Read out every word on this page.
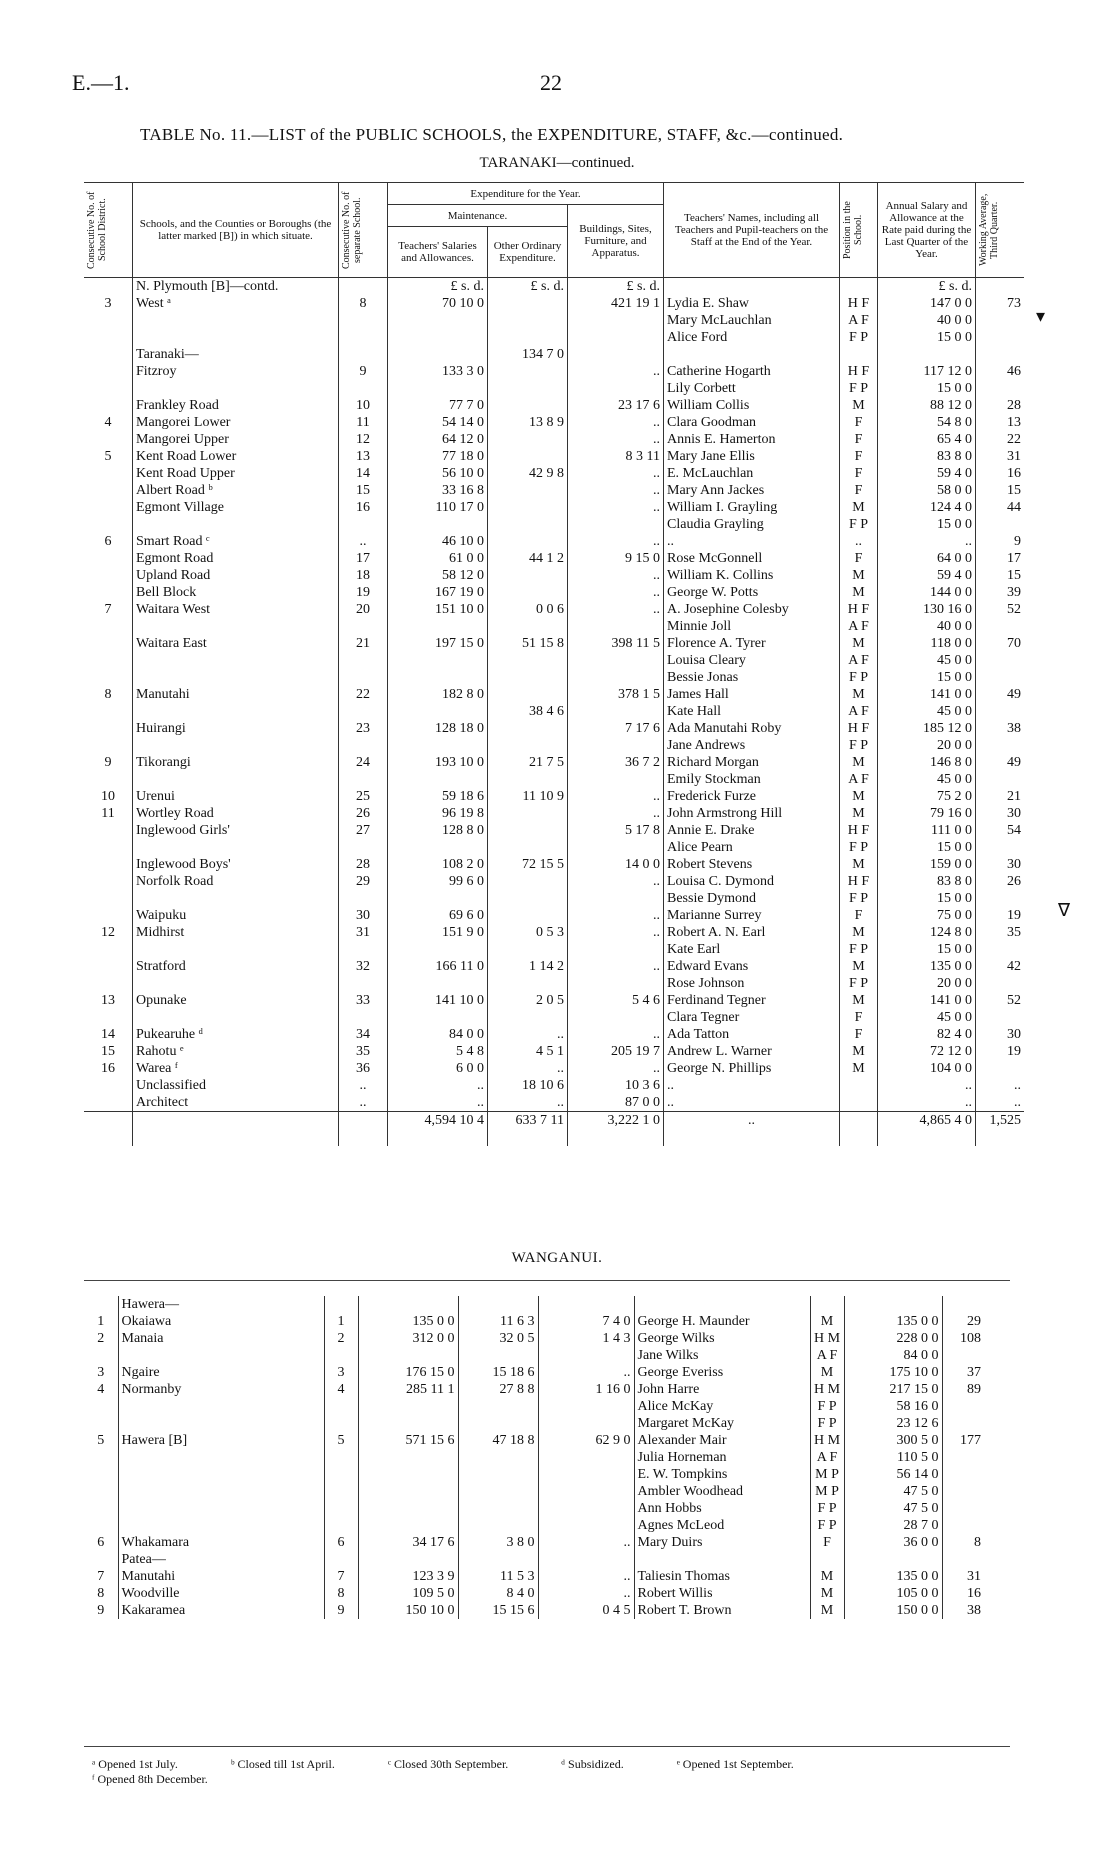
E.—1.	22
TABLE No. 11.—LIST of the PUBLIC SCHOOLS, the EXPENDITURE, STAFF, &c.—continued.
TARANAKI—continued.
Consecutive No. of School District.	Schools, and the Counties or Boroughs (the latter marked [B]) in which situate.	Consecutive No. of separate School.	Expenditure for the Year.			Teachers' Names, including all Teachers and Pupil-teachers on the Staff at the End of the Year.	Position in the School.	Annual Salary and Allowance at the Rate paid during the Last Quarter of the Year.	Working Average, Third Quarter.

			Maintenance.		Buildings, Sites, Furniture, and Apparatus.				
			Teachers' Salaries and Allowances.	Other Ordinary Expenditure.					
	N. Plymouth [B]—contd.		£ s. d.	£ s. d.	£ s. d.			£ s. d.	
3	West ᵃ	8	70 10 0		421 19 1	Lydia E. Shaw	H F	147 0 0	73
						Mary McLauchlan	A F	40 0 0	
						Alice Ford	F P	15 0 0	
	Taranaki—			134 7 0					
	Fitzroy	9	133 3 0		..	Catherine Hogarth	H F	117 12 0	46
						Lily Corbett	F P	15 0 0	
	Frankley Road	10	77 7 0		23 17 6	William Collis	M	88 12 0	28
4	Mangorei Lower	11	54 14 0	13 8 9	..	Clara Goodman	F	54 8 0	13
	Mangorei Upper	12	64 12 0		..	Annis E. Hamerton	F	65 4 0	22
5	Kent Road Lower	13	77 18 0		8 3 11	Mary Jane Ellis	F	83 8 0	31
	Kent Road Upper	14	56 10 0	42 9 8	..	E. McLauchlan	F	59 4 0	16
	Albert Road ᵇ	15	33 16 8		..	Mary Ann Jackes	F	58 0 0	15
	Egmont Village	16	110 17 0		..	William I. Grayling	M	124 4 0	44
						Claudia Grayling	F P	15 0 0	
6	Smart Road ᶜ	..	46 10 0		..	..	..	..	9
	Egmont Road	17	61 0 0	44 1 2	9 15 0	Rose McGonnell	F	64 0 0	17
	Upland Road	18	58 12 0		..	William K. Collins	M	59 4 0	15
	Bell Block	19	167 19 0		..	George W. Potts	M	144 0 0	39
7	Waitara West	20	151 10 0	0 0 6	..	A. Josephine Colesby	H F	130 16 0	52
						Minnie Joll	A F	40 0 0	
	Waitara East	21	197 15 0	51 15 8	398 11 5	Florence A. Tyrer	M	118 0 0	70
						Louisa Cleary	A F	45 0 0	
						Bessie Jonas	F P	15 0 0	
8	Manutahi	22	182 8 0		378 1 5	James Hall	M	141 0 0	49
				38 4 6		Kate Hall	A F	45 0 0	
	Huirangi	23	128 18 0		7 17 6	Ada Manutahi Roby	H F	185 12 0	38
						Jane Andrews	F P	20 0 0	
9	Tikorangi	24	193 10 0	21 7 5	36 7 2	Richard Morgan	M	146 8 0	49
						Emily Stockman	A F	45 0 0	
10	Urenui	25	59 18 6	11 10 9	..	Frederick Furze	M	75 2 0	21
11	Wortley Road	26	96 19 8		..	John Armstrong Hill	M	79 16 0	30
	Inglewood Girls'	27	128 8 0		5 17 8	Annie E. Drake	H F	111 0 0	54
						Alice Pearn	F P	15 0 0	
	Inglewood Boys'	28	108 2 0	72 15 5	14 0 0	Robert Stevens	M	159 0 0	30
	Norfolk Road	29	99 6 0		..	Louisa C. Dymond	H F	83 8 0	26
						Bessie Dymond	F P	15 0 0	
	Waipuku	30	69 6 0		..	Marianne Surrey	F	75 0 0	19
12	Midhirst	31	151 9 0	0 5 3	..	Robert A. N. Earl	M	124 8 0	35
						Kate Earl	F P	15 0 0	
	Stratford	32	166 11 0	1 14 2	..	Edward Evans	M	135 0 0	42
						Rose Johnson	F P	20 0 0	
13	Opunake	33	141 10 0	2 0 5	5 4 6	Ferdinand Tegner	M	141 0 0	52
						Clara Tegner	F	45 0 0	
14	Pukearuhe ᵈ	34	84 0 0	..	..	Ada Tatton	F	82 4 0	30
15	Rahotu ᵉ	35	5 4 8	4 5 1	205 19 7	Andrew L. Warner	M	72 12 0	19
16	Warea ᶠ	36	6 0 0	..	..	George N. Phillips	M	104 0 0	
	Unclassified	..	..	18 10 6	10 3 6	..		..	..
	Architect	..	..	..	87 0 0	..		..	..
			4,594 10 4	633 7 11	3,222 1 0	..		4,865 4 0	1,525

WANGANUI.
	Hawera—								
1	Okaiawa	1	135 0 0	11 6 3	7 4 0	George H. Maunder	M	135 0 0	29
2	Manaia	2	312 0 0	32 0 5	1 4 3	George Wilks	H M	228 0 0	108
						Jane Wilks	A F	84 0 0	
3	Ngaire	3	176 15 0	15 18 6	..	George Everiss	M	175 10 0	37
4	Normanby	4	285 11 1	27 8 8	1 16 0	John Harre	H M	217 15 0	89
						Alice McKay	F P	58 16 0	
						Margaret McKay	F P	23 12 6	
5	Hawera [B]	5	571 15 6	47 18 8	62 9 0	Alexander Mair	H M	300 5 0	177
						Julia Horneman	A F	110 5 0	
						E. W. Tompkins	M P	56 14 0	
						Ambler Woodhead	M P	47 5 0	
						Ann Hobbs	F P	47 5 0	
						Agnes McLeod	F P	28 7 0	
6	Whakamara	6	34 17 6	3 8 0	..	Mary Duirs	F	36 0 0	8
	Patea—								
7	Manutahi	7	123 3 9	11 5 3	..	Taliesin Thomas	M	135 0 0	31
8	Woodville	8	109 5 0	8 4 0	..	Robert Willis	M	105 0 0	16
9	Kakaramea	9	150 10 0	15 15 6	0 4 5	Robert T. Brown	M	150 0 0	38
ᵃ Opened 1st July.	ᵇ Closed till 1st April.	ᶜ Closed 30th September.	ᵈ Subsidized.	ᵉ Opened 1st September.
ᶠ Opened 8th December.
▾
∇
